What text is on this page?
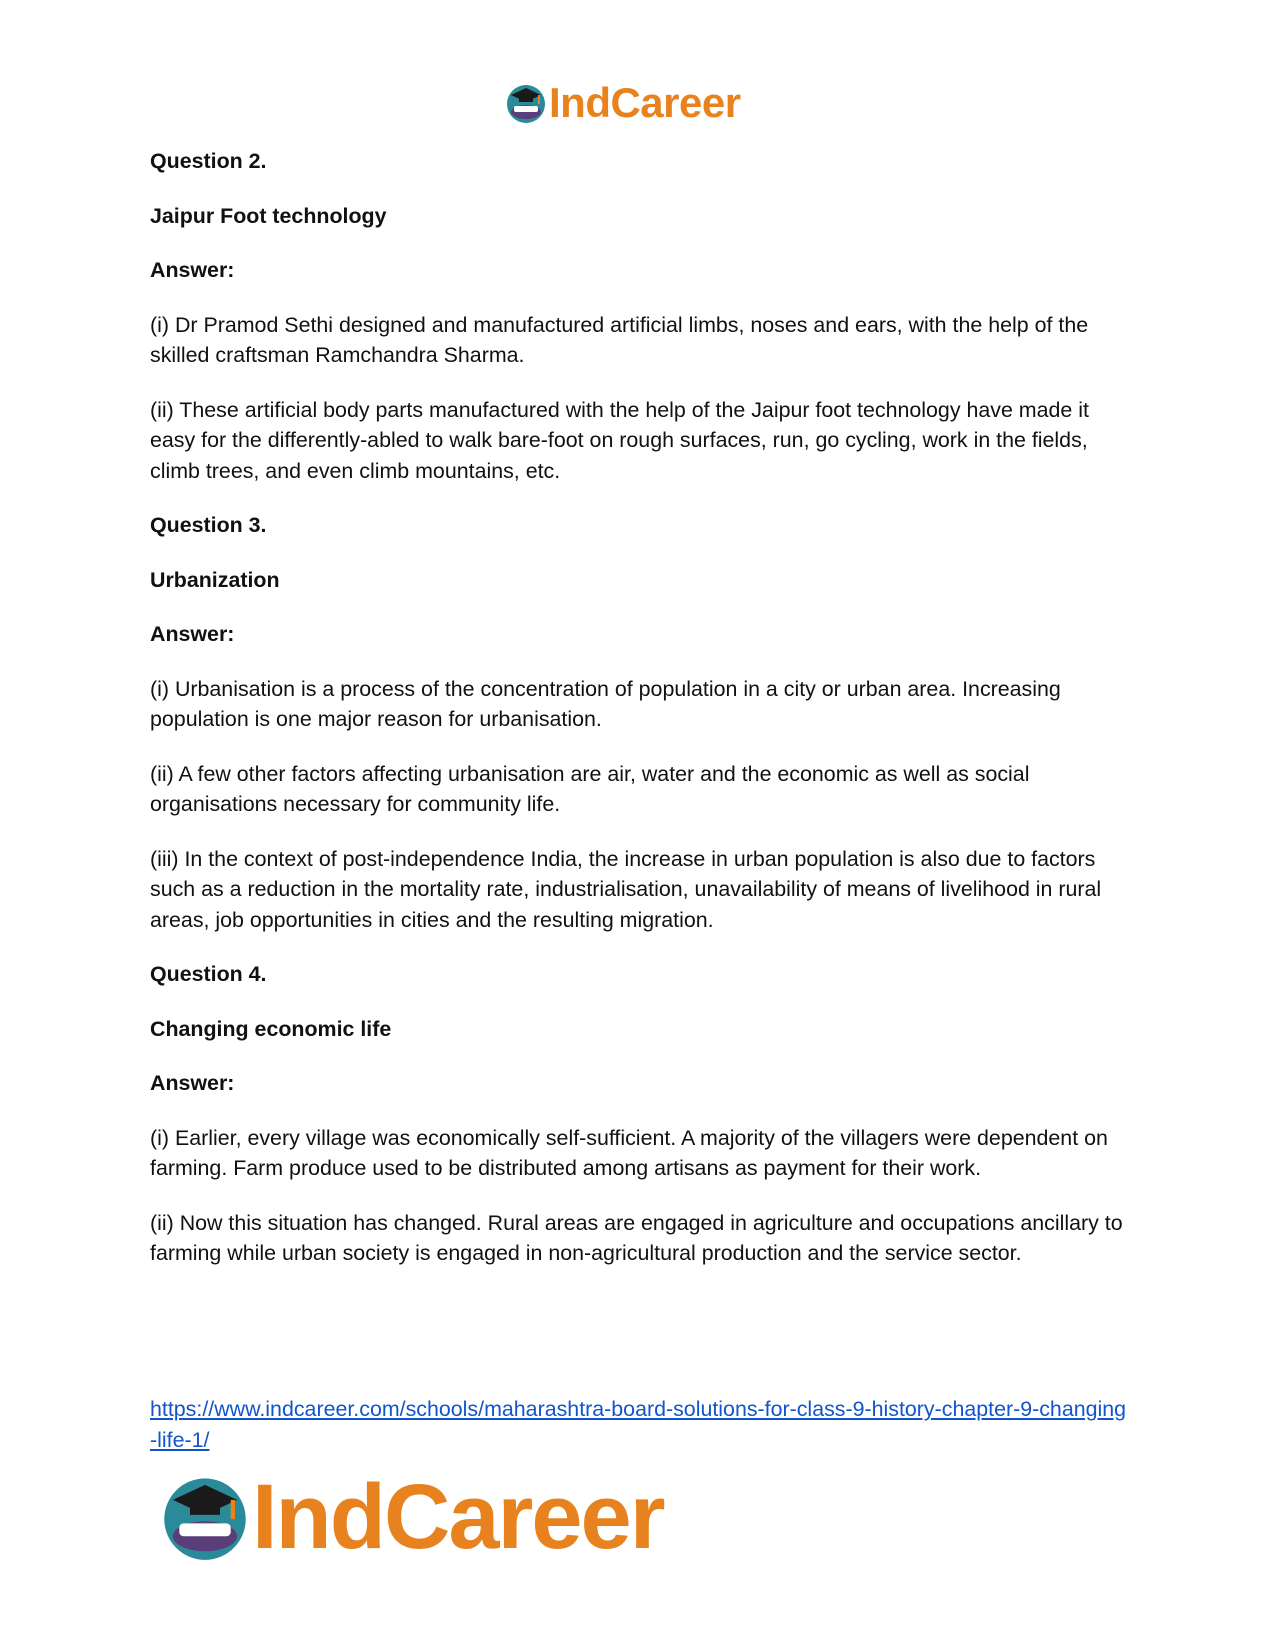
IndCareer

Question 2.

Jaipur Foot technology

Answer:

(i) Dr Pramod Sethi designed and manufactured artificial limbs, noses and ears, with the help of the skilled craftsman Ramchandra Sharma.

(ii) These artificial body parts manufactured with the help of the Jaipur foot technology have made it easy for the differently-abled to walk bare-foot on rough surfaces, run, go cycling, work in the fields, climb trees, and even climb mountains, etc.

Question 3.

Urbanization

Answer:

(i) Urbanisation is a process of the concentration of population in a city or urban area. Increasing population is one major reason for urbanisation.

(ii) A few other factors affecting urbanisation are air, water and the economic as well as social organisations necessary for community life.

(iii) In the context of post-independence India, the increase in urban population is also due to factors such as a reduction in the mortality rate, industrialisation, unavailability of means of livelihood in rural areas, job opportunities in cities and the resulting migration.

Question 4.

Changing economic life

Answer:

(i) Earlier, every village was economically self-sufficient. A majority of the villagers were dependent on farming. Farm produce used to be distributed among artisans as payment for their work.

(ii) Now this situation has changed. Rural areas are engaged in agriculture and occupations ancillary to farming while urban society is engaged in non-agricultural production and the service sector.

https://www.indcareer.com/schools/maharashtra-board-solutions-for-class-9-history-chapter-9-changing-life-1/
IndCareer
